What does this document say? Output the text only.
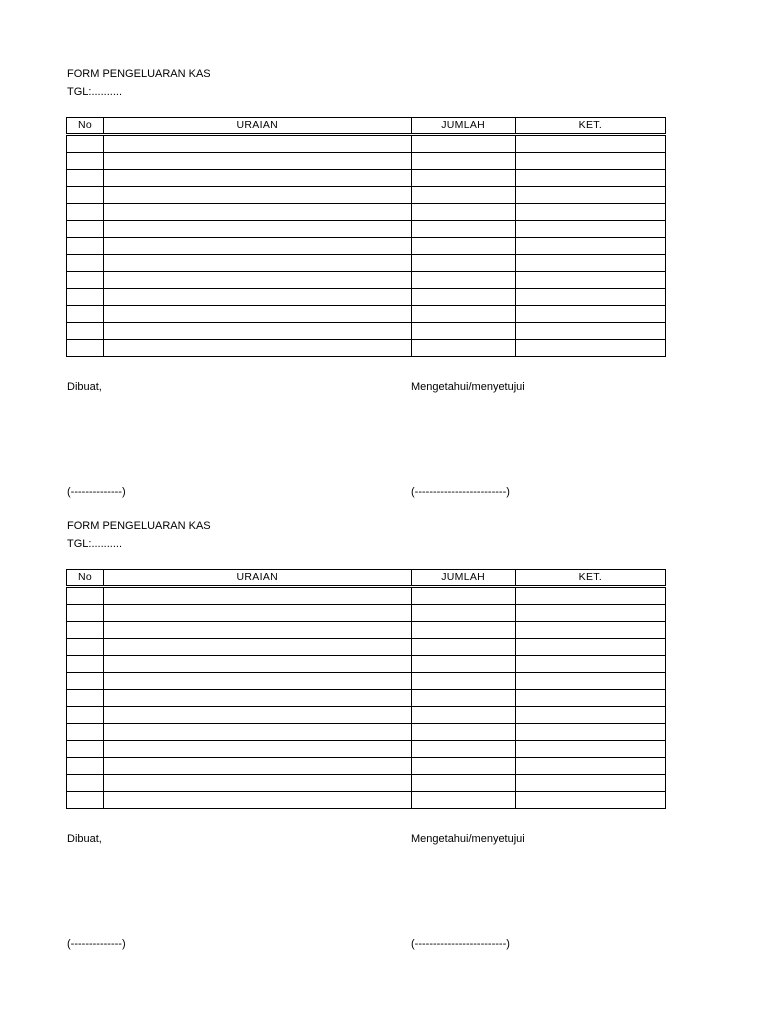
FORM PENGELUARAN KAS
TGL:..........
No	URAIAN	JUMLAH	KET.

Dibuat,	Mengetahui/menyetujui
(--------------)	(-------------------------)
FORM PENGELUARAN KAS
TGL:..........
No	URAIAN	JUMLAH	KET.

Dibuat,	Mengetahui/menyetujui
(--------------)	(-------------------------)
